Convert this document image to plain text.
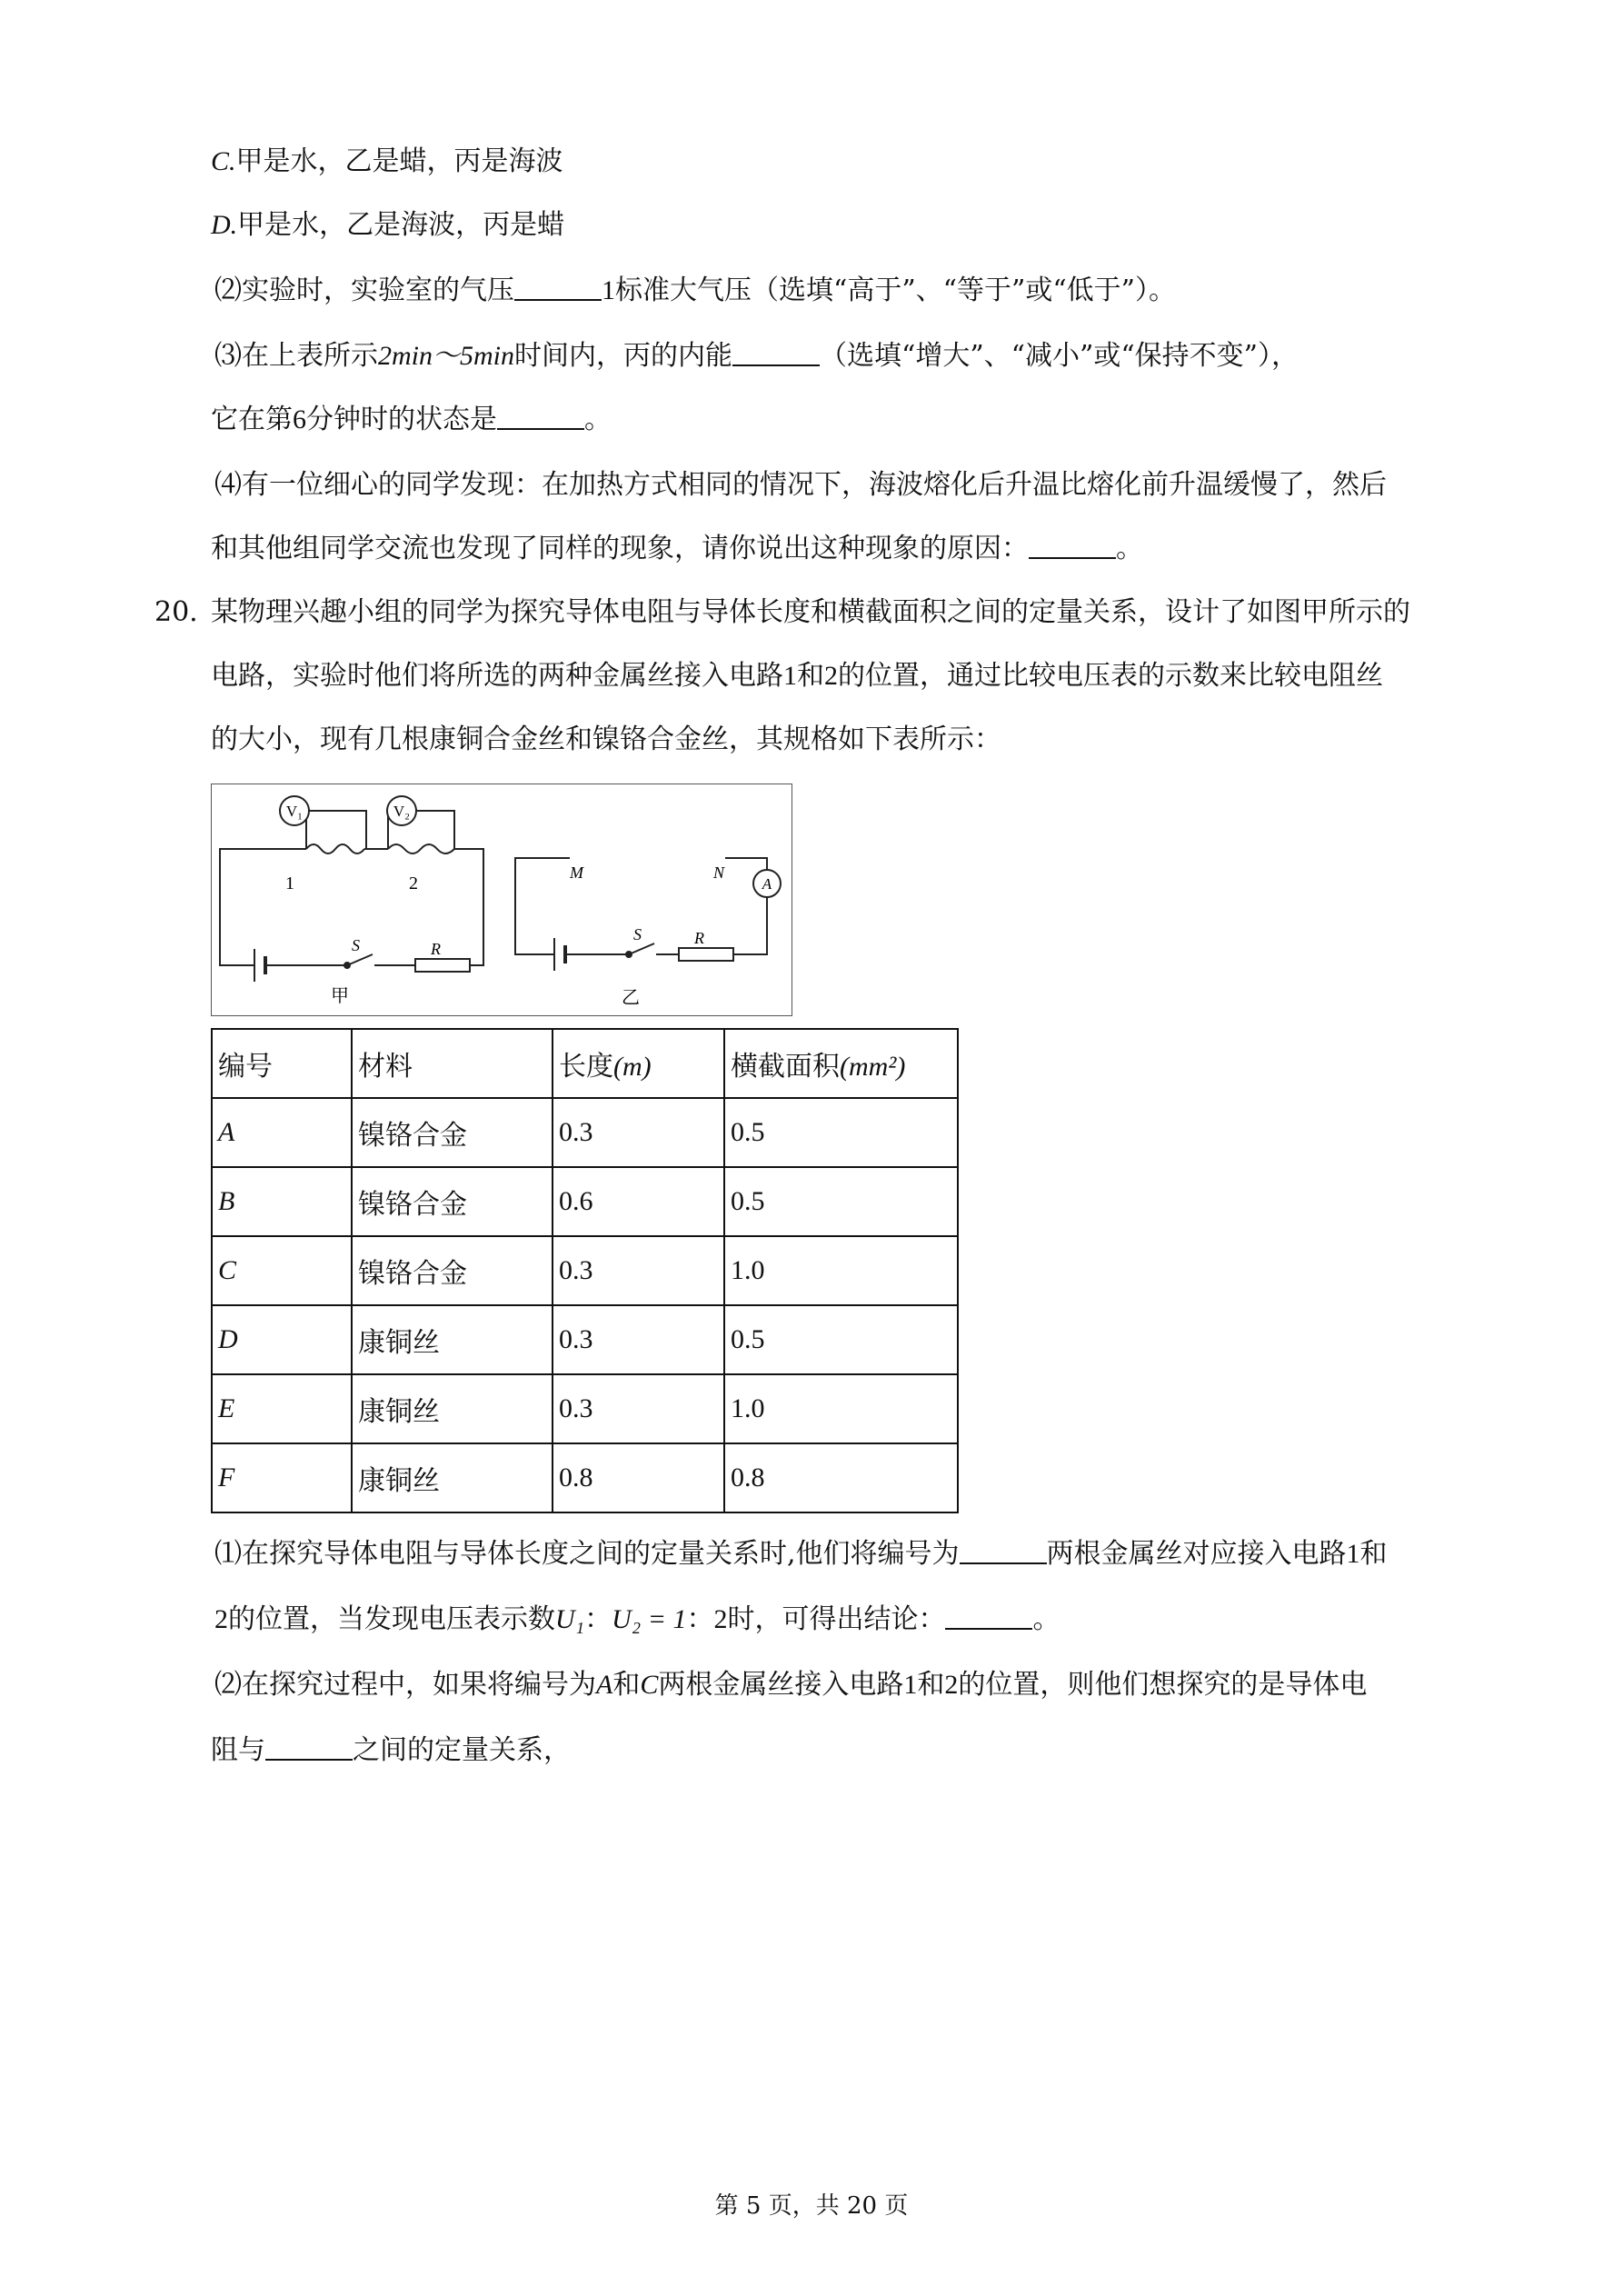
C.甲是水，乙是蜡，丙是海波
D.甲是水，乙是海波，丙是蜡
⑵实验时，实验室的气压	1标准大气压（选填“高于”、“等于”或“低于”）。
⑶在上表所示2min～5min时间内，丙的内能	（选填“增大”、“减小”或“保持不变”），
它在第6分钟时的状态是	。
⑷有一位细心的同学发现：在加热方式相同的情况下，海波熔化后升温比熔化前升温缓慢了，然后
和其他组同学交流也发现了同样的现象，请你说出这种现象的原因：	。
20. 某物理兴趣小组的同学为探究导体电阻与导体长度和横截面积之间的定量关系，设计了如图甲所示的
电路，实验时他们将所选的两种金属丝接入电路1和2的位置，通过比较电压表的示数来比较电阻丝
的大小，现有几根康铜合金丝和镍铬合金丝，其规格如下表所示：
V₁	V₂
1	2
S	R
甲
A
M	N
S	R
乙
编号	材料	长度(m)	横截面积(mm²)
A	镍铬合金	0.3	0.5
B	镍铬合金	0.6	0.5
C	镍铬合金	0.3	1.0
D	康铜丝	0.3	0.5
E	康铜丝	0.3	1.0
F	康铜丝	0.8	0.8
⑴在探究导体电阻与导体长度之间的定量关系时,他们将编号为	两根金属丝对应接入电路1和
2的位置，当发现电压表示数U₁：U₂ = 1：2时，可得出结论：	。
⑵在探究过程中，如果将编号为A和C两根金属丝接入电路1和2的位置，则他们想探究的是导体电
阻与	之间的定量关系，
第 5 页，共 20 页
